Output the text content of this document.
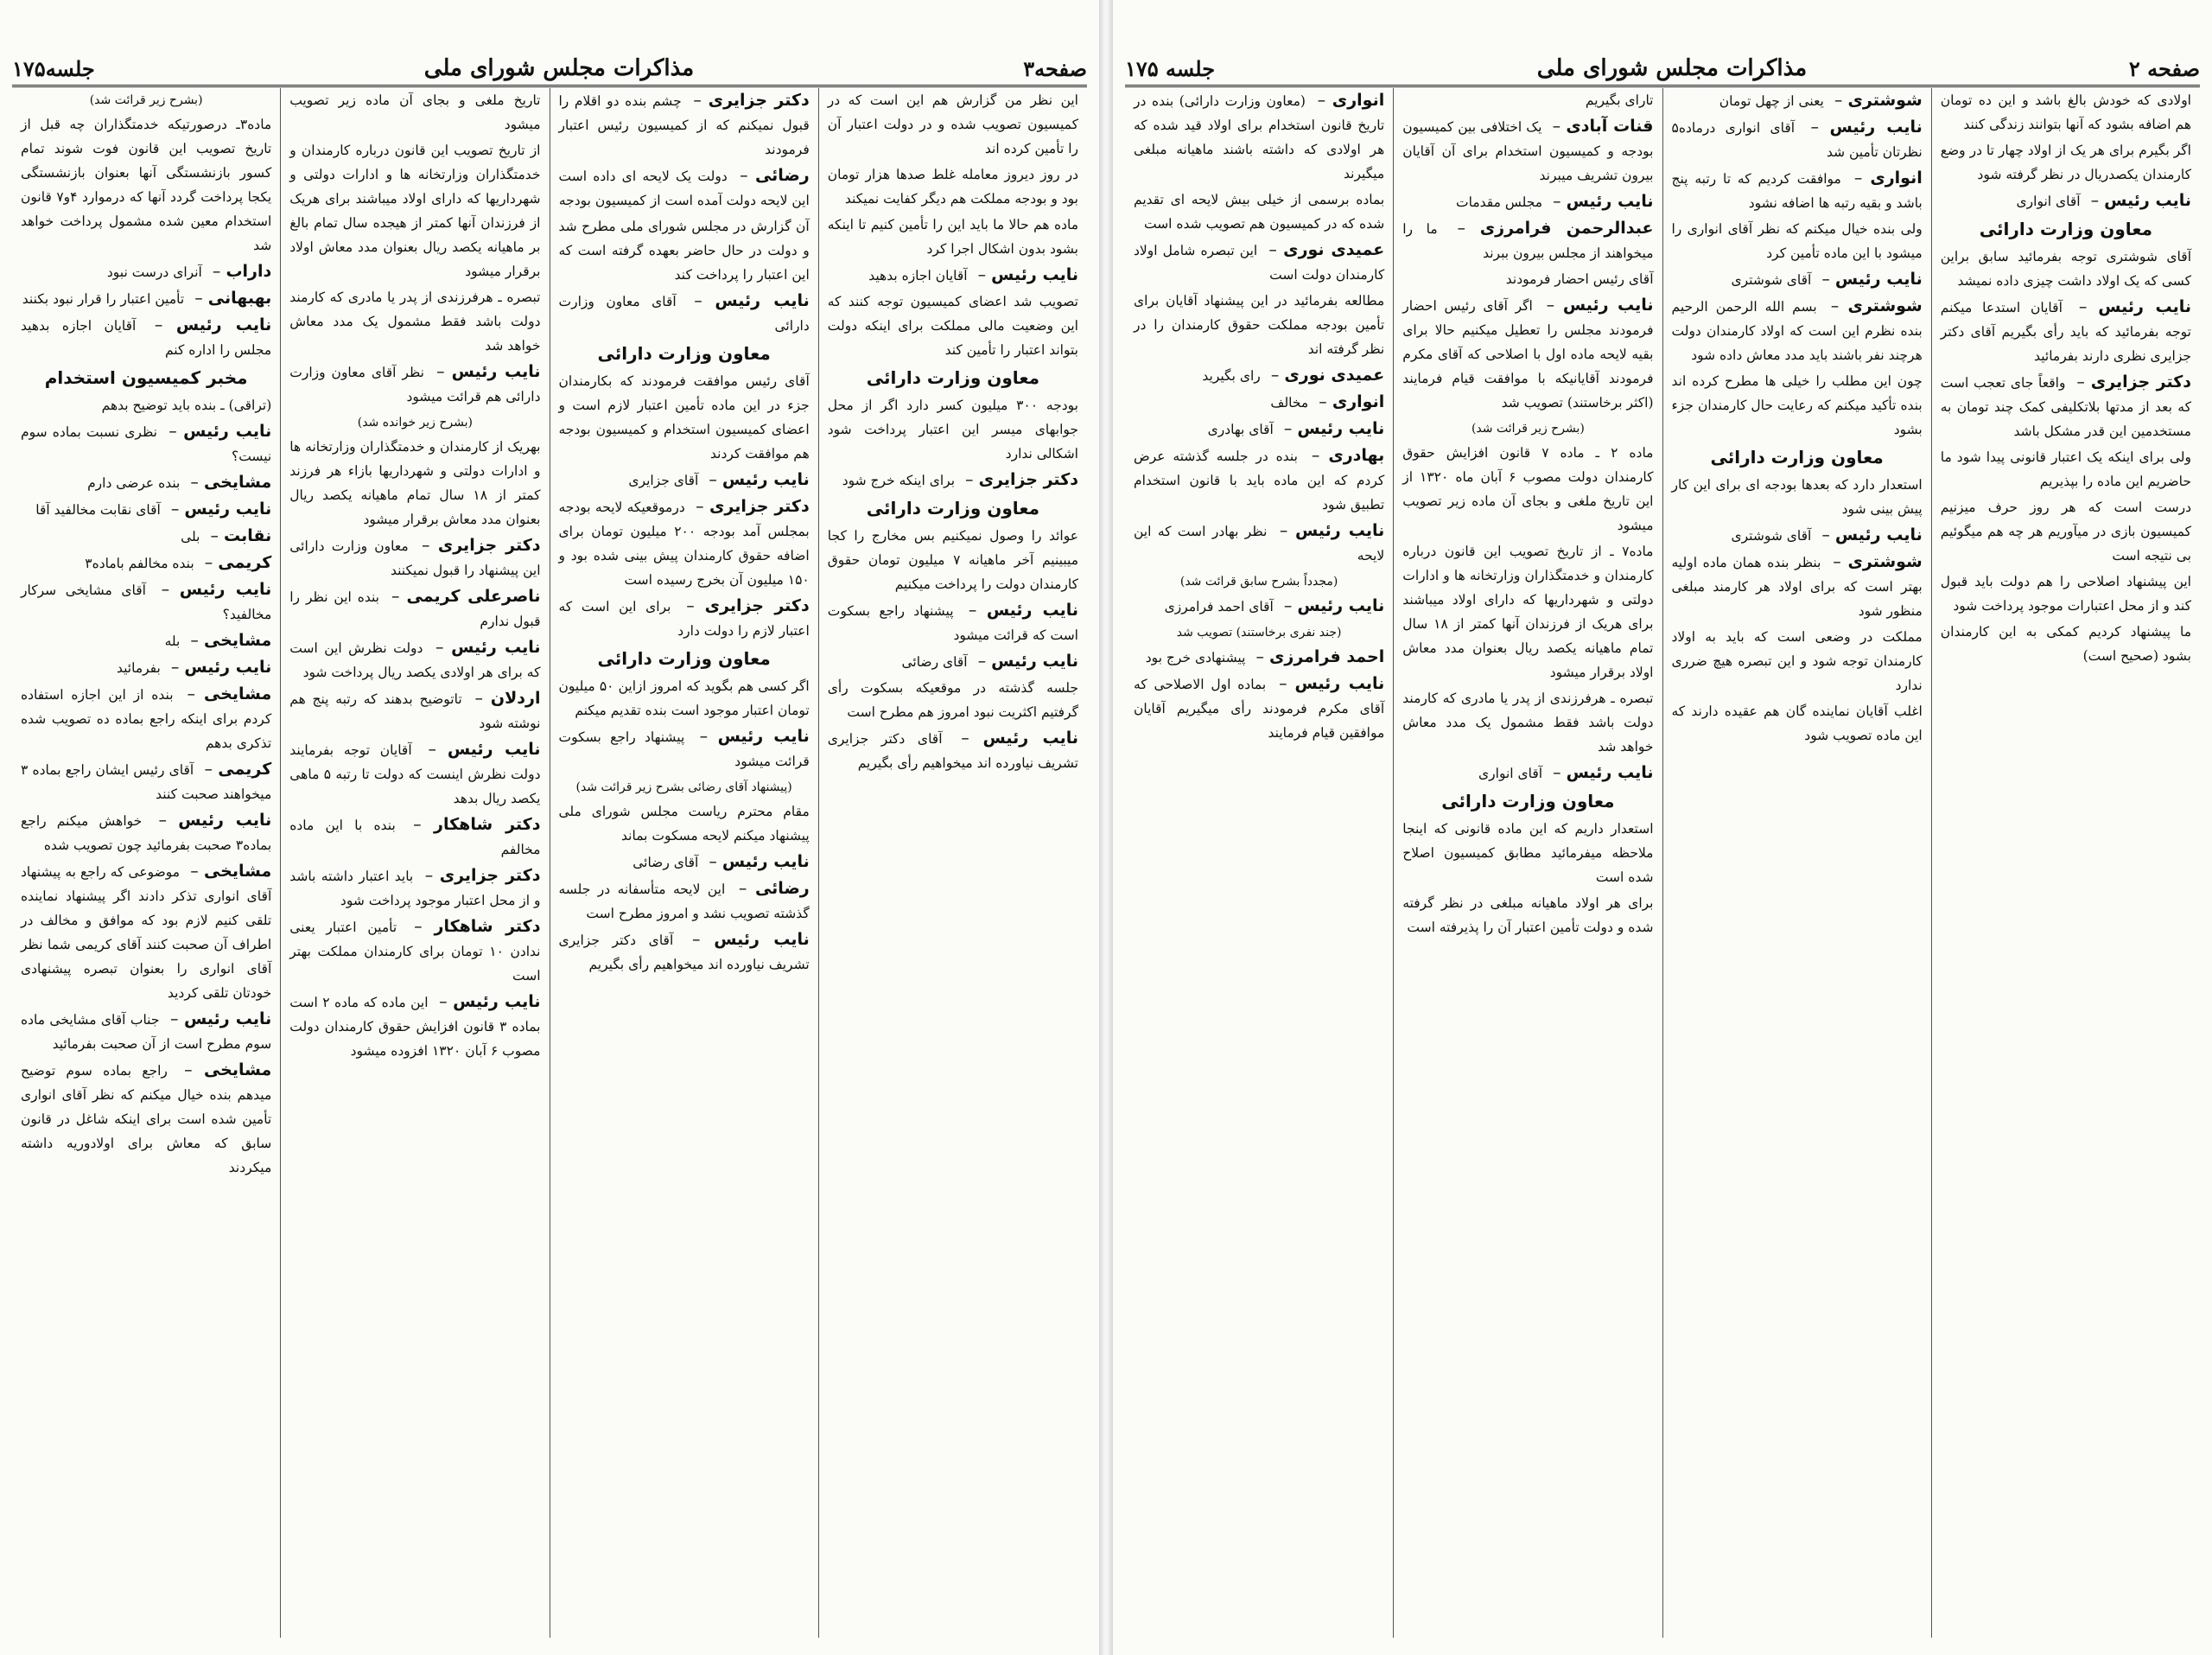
صفحه۳
مذاکرات مجلس شورای ملی
جلسه۱۷۵

این نظر من گزارش هم این است که در کمیسیون تصویب شده و در دولت اعتبار آن را تأمین کرده اند

در روز دیروز معامله غلط صدها هزار تومان بود و بودجه مملکت هم دیگر کفایت نمیکند

ماده هم حالا ما باید این را تأمین کنیم تا اینکه بشود بدون اشکال اجرا کرد

نایب رئیس – آقایان اجازه بدهید

تصویب شد اعضای کمیسیون توجه کنند که این وضعیت مالی مملکت برای اینکه دولت بتواند اعتبار را تأمین کند

معاون وزارت دارائی

بودجه ۳۰۰ میلیون کسر دارد اگر از محل جوابهای میسر این اعتبار پرداخت شود اشکالی ندارد

دکتر جزایری – برای اینکه خرج شود

معاون وزارت دارائی

عوائد را وصول نمیکنیم بس مخارج را کجا میبینیم آخر ماهیانه ۷ میلیون تومان حقوق کارمندان دولت را پرداخت میکنیم

نایب رئیس – پیشنهاد راجع بسکوت است که قرائت میشود

نایب رئیس – آقای رضائی

جلسه گذشته در موقعیکه بسکوت رأی گرفتیم اکثریت نبود امروز هم مطرح است

نایب رئیس – آقای دکتر جزایری تشریف نیاورده اند میخواهیم رأی بگیریم

دکتر جزایری – چشم بنده دو اقلام را قبول نمیکنم که از کمیسیون رئیس اعتبار فرمودند

رضائی – دولت یک لایحه ای داده است این لایحه دولت آمده است از کمیسیون بودجه

آن گزارش در مجلس شورای ملی مطرح شد و دولت در حال حاضر بعهده گرفته است که این اعتبار را پرداخت کند

نایب رئیس – آقای معاون وزارت دارائی

معاون وزارت دارائی

آقای رئیس موافقت فرمودند که بکارمندان جزء در این ماده تأمین اعتبار لازم است و اعضای کمیسیون استخدام و کمیسیون بودجه هم موافقت کردند

نایب رئیس – آقای جزایری

دکتر جزایری – درموقعیکه لایحه بودجه بمجلس آمد بودجه ۲۰۰ میلیون تومان برای اضافه حقوق کارمندان پیش بینی شده بود و ۱۵۰ میلیون آن بخرج رسیده است

دکتر جزایری – برای این است که اعتبار لازم را دولت دارد

معاون وزارت دارائی

اگر کسی هم بگوید که امروز ازاین ۵۰ میلیون تومان اعتبار موجود است بنده تقدیم میکنم

نایب رئیس – پیشنهاد راجع بسکوت قرائت میشود

(پیشنهاد آقای رضائی بشرح زیر قرائت شد)

مقام محترم ریاست مجلس شورای ملی پیشنهاد میکنم لایحه مسکوت بماند

نایب رئیس – آقای رضائی

رضائی – این لایحه متأسفانه در جلسه گذشته تصویب نشد و امروز مطرح است

نایب رئیس – آقای دکتر جزایری تشریف نیاورده اند میخواهیم رأی بگیریم

تاریخ ملغی و بجای آن ماده زیر تصویب میشود

از تاریخ تصویب این قانون درباره کارمندان و خدمتگذاران وزارتخانه ها و ادارات دولتی و شهرداریها که دارای اولاد میباشند برای هریک از فرزندان آنها کمتر از هیجده سال تمام بالغ بر ماهیانه یکصد ریال بعنوان مدد معاش اولاد برقرار میشود

تبصره ـ هرفرزندی از پدر یا مادری که کارمند دولت باشد فقط مشمول یک مدد معاش خواهد شد

نایب رئیس – نظر آقای معاون وزارت دارائی هم قرائت میشود

(بشرح زیر خوانده شد)

بهریک از کارمندان و خدمتگذاران وزارتخانه ها و ادارات دولتی و شهرداریها بازاء هر فرزند کمتر از ۱۸ سال تمام ماهیانه یکصد ریال بعنوان مدد معاش برقرار میشود

دکتر جزایری – معاون وزارت دارائی این پیشنهاد را قبول نمیکنند

ناصرعلی کریمی – بنده این نظر را قبول ندارم

نایب رئیس – دولت نظرش این است که برای هر اولادی یکصد ریال پرداخت شود

اردلان – تاتوضیح بدهند که رتبه پنج هم نوشته شود

نایب رئیس – آقایان توجه بفرمایند دولت نظرش اینست که دولت تا رتبه ۵ ماهی یکصد ریال بدهد

دکتر شاهکار – بنده با این ماده مخالفم

دکتر جزایری – باید اعتبار داشته باشد و از محل اعتبار موجود پرداخت شود

دکتر شاهکار – تأمین اعتبار یعنی ندادن ۱۰ تومان برای کارمندان مملکت بهتر است

نایب رئیس – این ماده که ماده ۲ است بماده ۳ قانون افزایش حقوق کارمندان دولت مصوب ۶ آبان ۱۳۲۰ افزوده میشود

(بشرح زیر قرائت شد)

ماده۳ـ درصورتیکه خدمتگذاران چه قبل از تاریخ تصویب این قانون فوت شوند تمام کسور بازنشستگی آنها بعنوان بازنشستگی یکجا پرداخت گردد آنها که درموارد ۴و۷ قانون استخدام معین شده مشمول پرداخت خواهد شد

داراب – آنرای درست نبود

بهبهانی – تأمین اعتبار را قرار نبود بکنند

نایب رئیس – آقایان اجازه بدهید مجلس را اداره کنم

مخبر کمیسیون استخدام

(تراقی) ـ بنده باید توضیح بدهم

نایب رئیس – نظری نسبت بماده سوم نیست؟

مشایخی – بنده عرضی دارم

نایب رئیس – آقای نقابت مخالفید آقا

نقابت – بلی

کریمی – بنده مخالفم باماده۳

نایب رئیس – آقای مشایخی سرکار مخالفید؟

مشایخی – بله

نایب رئیس – بفرمائید

مشایخی – بنده از این اجازه استفاده کردم برای اینکه راجع بماده ده تصویب شده تذکری بدهم

کریمی – آقای رئیس ایشان راجع بماده ۳ میخواهند صحبت کنند

نایب رئیس – خواهش میکنم راجع بماده۳ صحبت بفرمائید چون تصویب شده

مشایخی – موضوعی که راجع به پیشنهاد آقای انواری تذکر دادند اگر پیشنهاد نماینده تلقی کنیم لازم بود که موافق و مخالف در اطراف آن صحبت کنند آقای کریمی شما نظر آقای انواری را بعنوان تبصره پیشنهادی خودتان تلقی کردید

نایب رئیس – جناب آقای مشایخی ماده سوم مطرح است از آن صحبت بفرمائید

مشایخی – راجع بماده سوم توضیح میدهم بنده خیال میکنم که نظر آقای انواری تأمین شده است برای اینکه شاغل در قانون سابق که معاش برای اولادوریه داشته میکردند

صفحه ۲
مذاکرات مجلس شورای ملی
جلسه ۱۷۵

اولادی که خودش بالغ باشد و این ده تومان هم اضافه بشود که آنها بتوانند زندگی کنند

اگر بگیرم برای هر یک از اولاد چهار تا در وضع کارمندان یکصدریال در نظر گرفته شود

نایب رئیس – آقای انواری

معاون وزارت دارائی

آقای شوشتری توجه بفرمائید سابق براین کسی که یک اولاد داشت چیزی داده نمیشد

نایب رئیس – آقایان استدعا میکنم توجه بفرمائید که باید رأی بگیریم آقای دکتر جزایری نظری دارند بفرمائید

دکتر جزایری – واقعاً جای تعجب است که بعد از مدتها بلاتکلیفی کمک چند تومان به مستخدمین این قدر مشکل باشد

ولی برای اینکه یک اعتبار قانونی پیدا شود ما حاضریم این ماده را بپذیریم

درست است که هر روز حرف میزنیم کمیسیون بازی در میآوریم هر چه هم میگوئیم بی نتیجه است

این پیشنهاد اصلاحی را هم دولت باید قبول کند و از محل اعتبارات موجود پرداخت شود

ما پیشنهاد کردیم کمکی به این کارمندان بشود (صحیح است)

شوشتری – یعنی از چهل تومان

نایب رئیس – آقای انواری درماده۵ نظرتان تأمین شد

انواری – موافقت کردیم که تا رتبه پنج باشد و بقیه رتبه ها اضافه نشود

ولی بنده خیال میکنم که نظر آقای انواری را میشود با این ماده تأمین کرد

نایب رئیس – آقای شوشتری

شوشتری – بسم الله الرحمن الرحیم بنده نظرم این است که اولاد کارمندان دولت هرچند نفر باشند باید مدد معاش داده شود

چون این مطلب را خیلی ها مطرح کرده اند بنده تأکید میکنم که رعایت حال کارمندان جزء بشود

معاون وزارت دارائی

استعدار دارد که بعدها بودجه ای برای این کار پیش بینی شود

نایب رئیس – آقای شوشتری

شوشتری – بنظر بنده همان ماده اولیه بهتر است که برای اولاد هر کارمند مبلغی منظور شود

مملکت در وضعی است که باید به اولاد کارمندان توجه شود و این تبصره هیچ ضرری ندارد

اغلب آقایان نماینده گان هم عقیده دارند که این ماده تصویب شود

تارای بگیریم

قنات آبادی – یک اختلافی بین کمیسیون بودجه و کمیسیون استخدام برای آن آقایان بیرون تشریف میبرند

نایب رئیس – مجلس مقدمات

عبدالرحمن فرامرزی – ما را میخواهند از مجلس بیرون ببرند

آقای رئیس احضار فرمودند

نایب رئیس – اگر آقای رئیس احضار فرمودند مجلس را تعطیل میکنیم حالا برای بقیه لایحه ماده اول با اصلاحی که آقای مکرم فرمودند آقایانیکه با موافقت قیام فرمایند (اکثر برخاستند) تصویب شد

(بشرح زیر قرائت شد)

ماده ۲ ـ ماده ۷ قانون افزایش حقوق کارمندان دولت مصوب ۶ آبان ماه ۱۳۲۰ از این تاریخ ملغی و بجای آن ماده زیر تصویب میشود

ماده۷ ـ از تاریخ تصویب این قانون درباره کارمندان و خدمتگذاران وزارتخانه ها و ادارات دولتی و شهرداریها که دارای اولاد میباشند برای هریک از فرزندان آنها کمتر از ۱۸ سال تمام ماهیانه یکصد ریال بعنوان مدد معاش اولاد برقرار میشود

تبصره ـ هرفرزندی از پدر یا مادری که کارمند دولت باشد فقط مشمول یک مدد معاش خواهد شد

نایب رئیس – آقای انواری

معاون وزارت دارائی

استعدار داریم که این ماده قانونی که اینجا ملاحظه میفرمائید مطابق کمیسیون اصلاح شده است

برای هر اولاد ماهیانه مبلغی در نظر گرفته شده و دولت تأمین اعتبار آن را پذیرفته است

انواری – (معاون وزارت دارائی) بنده در تاریخ قانون استخدام برای اولاد قید شده که هر اولادی که داشته باشند ماهیانه مبلغی میگیرند

بماده برسمی از خیلی بیش لایحه ای تقدیم شده که در کمیسیون هم تصویب شده است

عمیدی نوری – این تبصره شامل اولاد کارمندان دولت است

مطالعه بفرمائید در این پیشنهاد آقایان برای تأمین بودجه مملکت حقوق کارمندان را در نظر گرفته اند

عمیدی نوری – رای بگیرید

انواری – مخالف

نایب رئیس – آقای بهادری

بهادری – بنده در جلسه گذشته عرض کردم که این ماده باید با قانون استخدام تطبیق شود

نایب رئیس – نظر بهادر است که این لایحه

(مجدداً بشرح سابق قرائت شد)

نایب رئیس – آقای احمد فرامرزی

(جند نفری برخاستند) تصویب شد

احمد فرامرزی – پیشنهادی خرج بود

نایب رئیس – بماده اول الاصلاحی که آقای مکرم فرمودند رأی میگیریم آقایان موافقین قیام فرمایند
